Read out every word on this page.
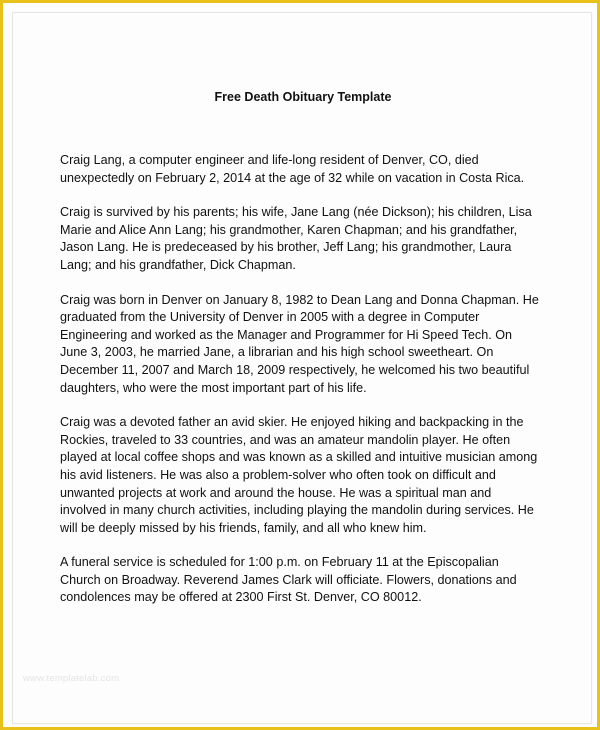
Free Death Obituary Template

Craig Lang, a computer engineer and life-long resident of Denver, CO, died unexpectedly on February 2, 2014 at the age of 32 while on vacation in Costa Rica.

Craig is survived by his parents; his wife, Jane Lang (née Dickson); his children, Lisa Marie and Alice Ann Lang; his grandmother, Karen Chapman; and his grandfather, Jason Lang. He is predeceased by his brother, Jeff Lang; his grandmother, Laura Lang; and his grandfather, Dick Chapman.

Craig was born in Denver on January 8, 1982 to Dean Lang and Donna Chapman. He graduated from the University of Denver in 2005 with a degree in Computer Engineering and worked as the Manager and Programmer for Hi Speed Tech. On June 3, 2003, he married Jane, a librarian and his high school sweetheart. On December 11, 2007 and March 18, 2009 respectively, he welcomed his two beautiful daughters, who were the most important part of his life.

Craig was a devoted father an avid skier. He enjoyed hiking and backpacking in the Rockies, traveled to 33 countries, and was an amateur mandolin player. He often played at local coffee shops and was known as a skilled and intuitive musician among his avid listeners. He was also a problem-solver who often took on difficult and unwanted projects at work and around the house. He was a spiritual man and involved in many church activities, including playing the mandolin during services. He will be deeply missed by his friends, family, and all who knew him.

A funeral service is scheduled for 1:00 p.m. on February 11 at the Episcopalian Church on Broadway. Reverend James Clark will officiate. Flowers, donations and condolences may be offered at 2300 First St. Denver, CO 80012.

www.templatelab.com
